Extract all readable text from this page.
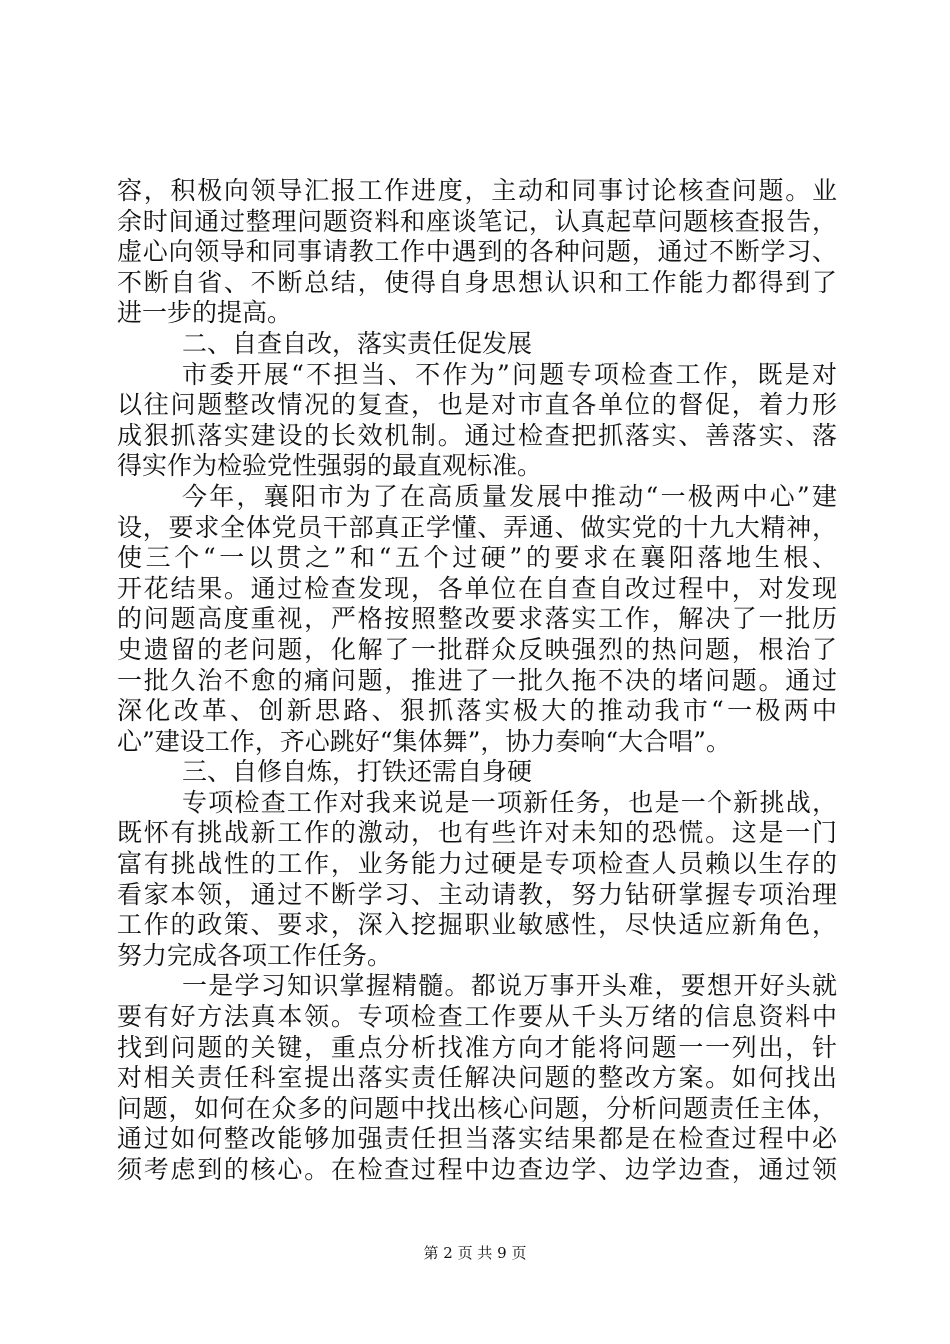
容，积极向领导汇报工作进度，主动和同事讨论核查问题。业
余时间通过整理问题资料和座谈笔记，认真起草问题核查报告，
虚心向领导和同事请教工作中遇到的各种问题，通过不断学习、
不断自省、不断总结，使得自身思想认识和工作能力都得到了
进一步的提高。
二、自查自改，落实责任促发展
市委开展“不担当、不作为”问题专项检查工作，既是对
以往问题整改情况的复查，也是对市直各单位的督促，着力形
成狠抓落实建设的长效机制。通过检查把抓落实、善落实、落
得实作为检验党性强弱的最直观标准。
今年，襄阳市为了在高质量发展中推动“一极两中心”建
设，要求全体党员干部真正学懂、弄通、做实党的十九大精神，
使三个“一以贯之”和“五个过硬”的要求在襄阳落地生根、
开花结果。通过检查发现，各单位在自查自改过程中，对发现
的问题高度重视，严格按照整改要求落实工作，解决了一批历
史遗留的老问题，化解了一批群众反映强烈的热问题，根治了
一批久治不愈的痛问题，推进了一批久拖不决的堵问题。通过
深化改革、创新思路、狠抓落实极大的推动我市“一极两中
心”建设工作，齐心跳好“集体舞”，协力奏响“大合唱”。
三、自修自炼，打铁还需自身硬
专项检查工作对我来说是一项新任务，也是一个新挑战，
既怀有挑战新工作的激动，也有些许对未知的恐慌。这是一门
富有挑战性的工作，业务能力过硬是专项检查人员赖以生存的
看家本领，通过不断学习、主动请教，努力钻研掌握专项治理
工作的政策、要求，深入挖掘职业敏感性，尽快适应新角色，
努力完成各项工作任务。
一是学习知识掌握精髓。都说万事开头难，要想开好头就
要有好方法真本领。专项检查工作要从千头万绪的信息资料中
找到问题的关键，重点分析找准方向才能将问题一一列出，针
对相关责任科室提出落实责任解决问题的整改方案。如何找出
问题，如何在众多的问题中找出核心问题，分析问题责任主体，
通过如何整改能够加强责任担当落实结果都是在检查过程中必
须考虑到的核心。在检查过程中边查边学、边学边查，通过领
第 2 页 共 9 页
